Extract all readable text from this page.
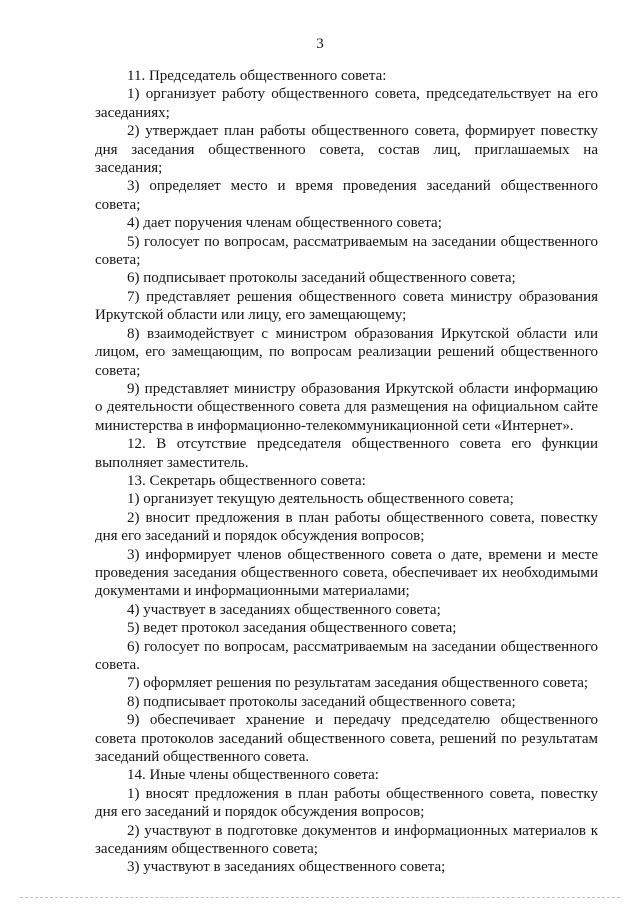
3

11. Председатель общественного совета:

1) организует работу общественного совета, председательствует на его заседаниях;

2) утверждает план работы общественного совета, формирует повестку дня заседания общественного совета, состав лиц, приглашаемых на заседания;

3) определяет место и время проведения заседаний общественного совета;

4) дает поручения членам общественного совета;

5) голосует по вопросам, рассматриваемым на заседании общественного совета;

6) подписывает протоколы заседаний общественного совета;

7) представляет решения общественного совета министру образования Иркутской области или лицу, его замещающему;

8) взаимодействует с министром образования Иркутской области или лицом, его замещающим, по вопросам реализации решений общественного совета;

9) представляет министру образования Иркутской области информацию о деятельности общественного совета для размещения на официальном сайте министерства в информационно-телекоммуникационной сети «Интернет».

12. В отсутствие председателя общественного совета его функции выполняет заместитель.

13. Секретарь общественного совета:

1) организует текущую деятельность общественного совета;

2) вносит предложения в план работы общественного совета, повестку дня его заседаний и порядок обсуждения вопросов;

3) информирует членов общественного совета о дате, времени и месте проведения заседания общественного совета, обеспечивает их необходимыми документами и информационными материалами;

4) участвует в заседаниях общественного совета;

5) ведет протокол заседания общественного совета;

6) голосует по вопросам, рассматриваемым на заседании общественного совета.

7) оформляет решения по результатам заседания общественного совета;

8) подписывает протоколы заседаний общественного совета;

9) обеспечивает хранение и передачу председателю общественного совета протоколов заседаний общественного совета, решений по результатам заседаний общественного совета.

14. Иные члены общественного совета:

1) вносят предложения в план работы общественного совета, повестку дня его заседаний и порядок обсуждения вопросов;

2) участвуют в подготовке документов и информационных материалов к заседаниям общественного совета;

3) участвуют в заседаниях общественного совета;
